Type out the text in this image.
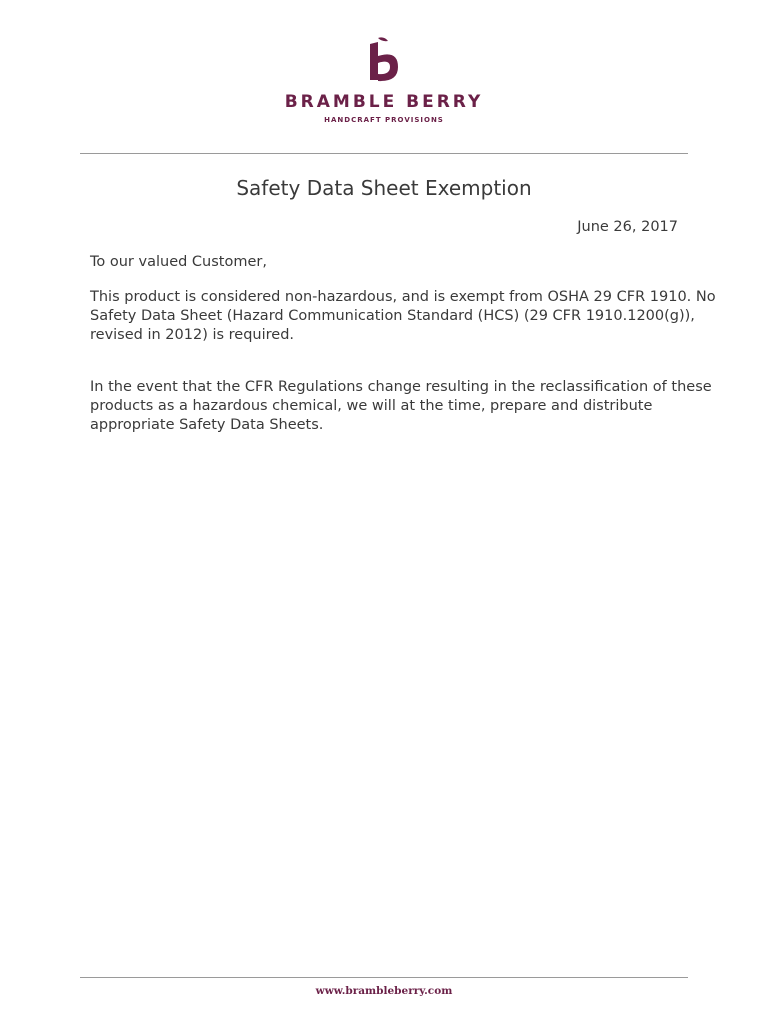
BRAMBLE BERRY
HANDCRAFT PROVISIONS
Safety Data Sheet Exemption
June 26, 2017
To our valued Customer,
This product is considered non-hazardous, and is exempt from OSHA 29 CFR 1910. No
Safety Data Sheet (Hazard Communication Standard (HCS) (29 CFR 1910.1200(g)),
revised in 2012) is required.
In the event that the CFR Regulations change resulting in the reclassification of these
products as a hazardous chemical, we will at the time, prepare and distribute
appropriate Safety Data Sheets.
www.brambleberry.com
